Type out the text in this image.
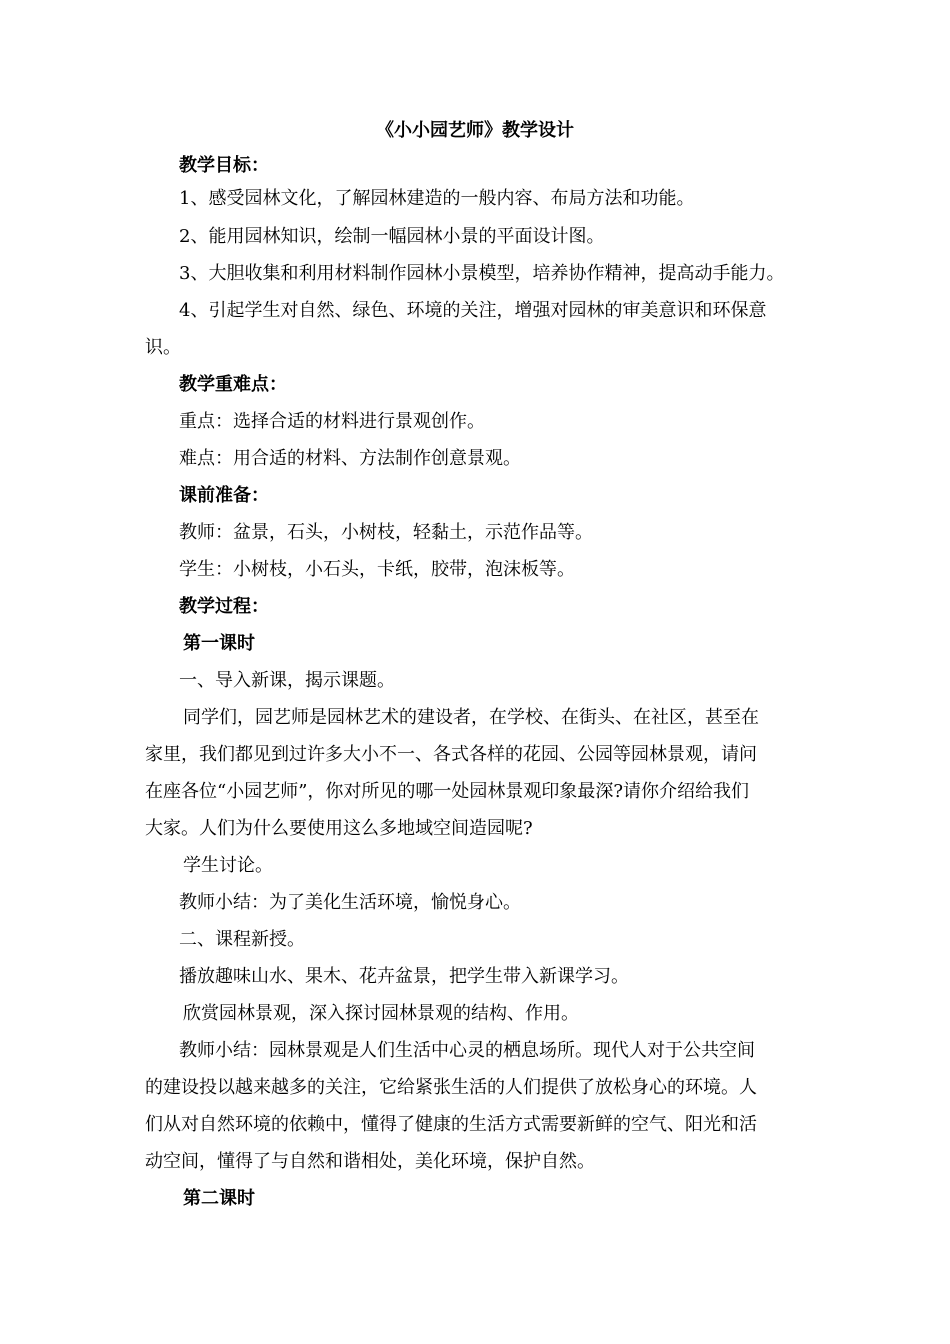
《小小园艺师》教学设计

教学目标：

1、感受园林文化，了解园林建造的一般内容、布局方法和功能。

2、能用园林知识，绘制一幅园林小景的平面设计图。

3、大胆收集和利用材料制作园林小景模型，培养协作精神，提高动手能力。

4、引起学生对自然、绿色、环境的关注，增强对园林的审美意识和环保意

识。

教学重难点：

重点：选择合适的材料进行景观创作。

难点：用合适的材料、方法制作创意景观。

课前准备：

教师：盆景，石头，小树枝，轻黏土，示范作品等。

学生：小树枝，小石头，卡纸，胶带，泡沫板等。

教学过程：

第一课时

一、导入新课，揭示课题。

同学们，园艺师是园林艺术的建设者，在学校、在街头、在社区，甚至在

家里，我们都见到过许多大小不一、各式各样的花园、公园等园林景观，请问

在座各位“小园艺师”，你对所见的哪一处园林景观印象最深?请你介绍给我们

大家。人们为什么要使用这么多地域空间造园呢?

学生讨论。

教师小结：为了美化生活环境，愉悦身心。

二、课程新授。

播放趣味山水、果木、花卉盆景，把学生带入新课学习。

欣赏园林景观，深入探讨园林景观的结构、作用。

教师小结：园林景观是人们生活中心灵的栖息场所。现代人对于公共空间

的建设投以越来越多的关注，它给紧张生活的人们提供了放松身心的环境。人

们从对自然环境的依赖中，懂得了健康的生活方式需要新鲜的空气、阳光和活

动空间，懂得了与自然和谐相处，美化环境，保护自然。

第二课时
